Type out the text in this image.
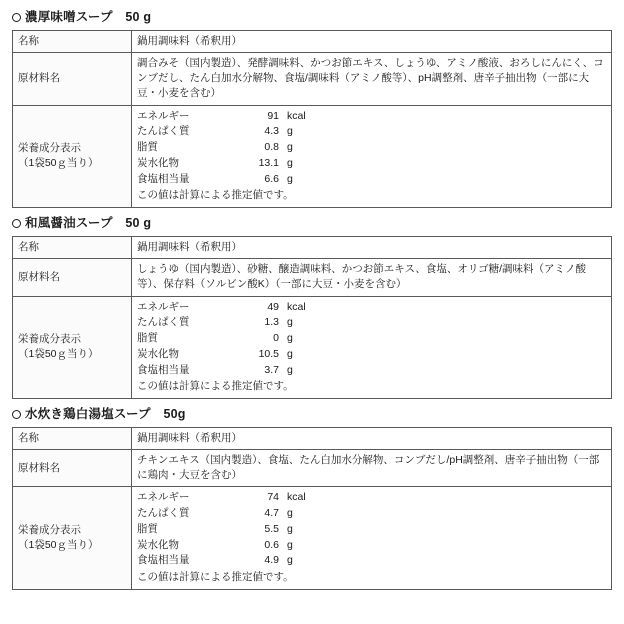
濃厚味噌スープ　50 g
名称	鍋用調味料（希釈用）
原材料名	調合みそ（国内製造）、発酵調味料、かつお節エキス、しょうゆ、アミノ酸液、おろしにんにく、コンブだし、たん白加水分解物、食塩/調味料（アミノ酸等）、pH調整剤、唐辛子抽出物（一部に大豆・小麦を含む）

栄養成分表示
（1袋50ｇ当り）

エネルギー	91	kcal
たんぱく質	4.3	g
脂質	0.8	g
炭水化物	13.1	g
食塩相当量	6.6	g
この値は計算による推定値です。
和風醤油スープ　50 g
名称	鍋用調味料（希釈用）
原材料名	しょうゆ（国内製造）、砂糖、醸造調味料、かつお節エキス、食塩、オリゴ糖/調味料（アミノ酸等）、保存料（ソルビン酸K）（一部に大豆・小麦を含む）

栄養成分表示
（1袋50ｇ当り）

エネルギー	49	kcal
たんぱく質	1.3	g
脂質	0	g
炭水化物	10.5	g
食塩相当量	3.7	g
この値は計算による推定値です。
水炊き鶏白湯塩スープ　50g
名称	鍋用調味料（希釈用）
原材料名	チキンエキス（国内製造）、食塩、たん白加水分解物、コンブだし/pH調整剤、唐辛子抽出物（一部に鶏肉・大豆を含む）

栄養成分表示
（1袋50ｇ当り）

エネルギー	74	kcal
たんぱく質	4.7	g
脂質	5.5	g
炭水化物	0.6	g
食塩相当量	4.9	g
この値は計算による推定値です。
